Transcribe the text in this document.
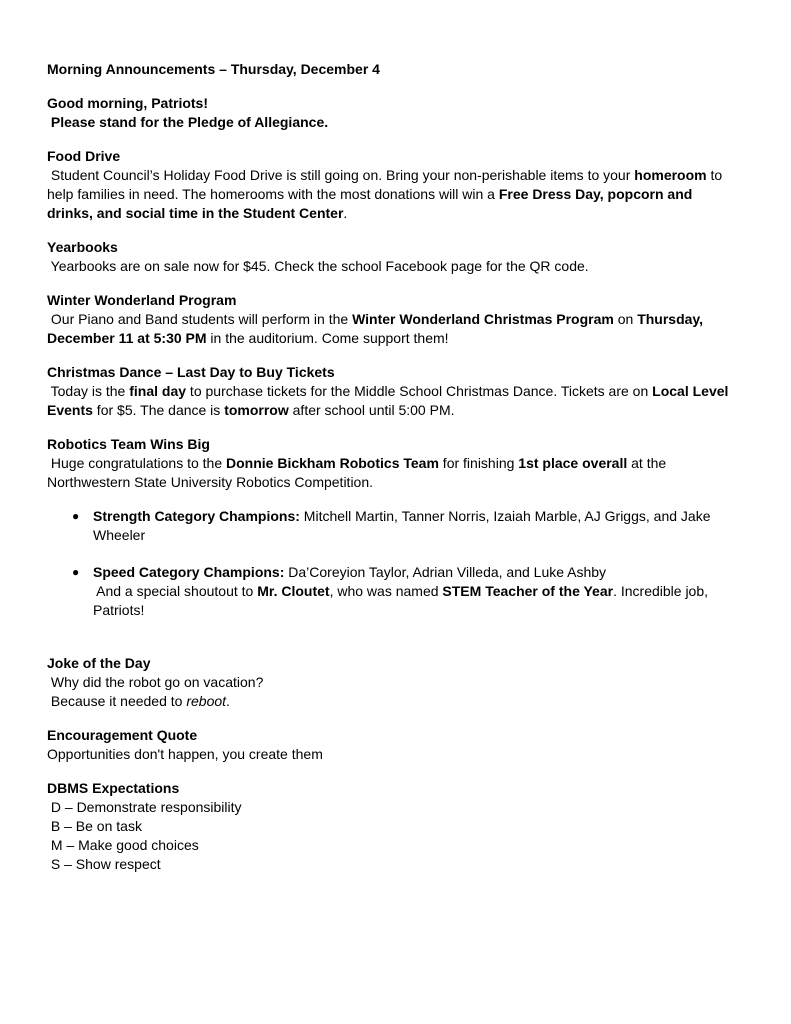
Morning Announcements – Thursday, December 4
Good morning, Patriots!
Please stand for the Pledge of Allegiance.
Food Drive
Student Council’s Holiday Food Drive is still going on. Bring your non-perishable items to your homeroom to
help families in need. The homerooms with the most donations will win a Free Dress Day, popcorn and
drinks, and social time in the Student Center.
Yearbooks
Yearbooks are on sale now for $45. Check the school Facebook page for the QR code.
Winter Wonderland Program
Our Piano and Band students will perform in the Winter Wonderland Christmas Program on Thursday,
December 11 at 5:30 PM in the auditorium. Come support them!
Christmas Dance – Last Day to Buy Tickets
Today is the final day to purchase tickets for the Middle School Christmas Dance. Tickets are on Local Level
Events for $5. The dance is tomorrow after school until 5:00 PM.
Robotics Team Wins Big
Huge congratulations to the Donnie Bickham Robotics Team for finishing 1st place overall at the
Northwestern State University Robotics Competition.
Strength Category Champions: Mitchell Martin, Tanner Norris, Izaiah Marble, AJ Griggs, and Jake
●
Wheeler
Speed Category Champions: Da’Coreyion Taylor, Adrian Villeda, and Luke Ashby
●
And a special shoutout to Mr. Cloutet, who was named STEM Teacher of the Year. Incredible job,
Patriots!
Joke of the Day
Why did the robot go on vacation?
Because it needed to reboot.
Encouragement Quote
Opportunities don't happen, you create them
DBMS Expectations
D – Demonstrate responsibility
B – Be on task
M – Make good choices
S – Show respect
